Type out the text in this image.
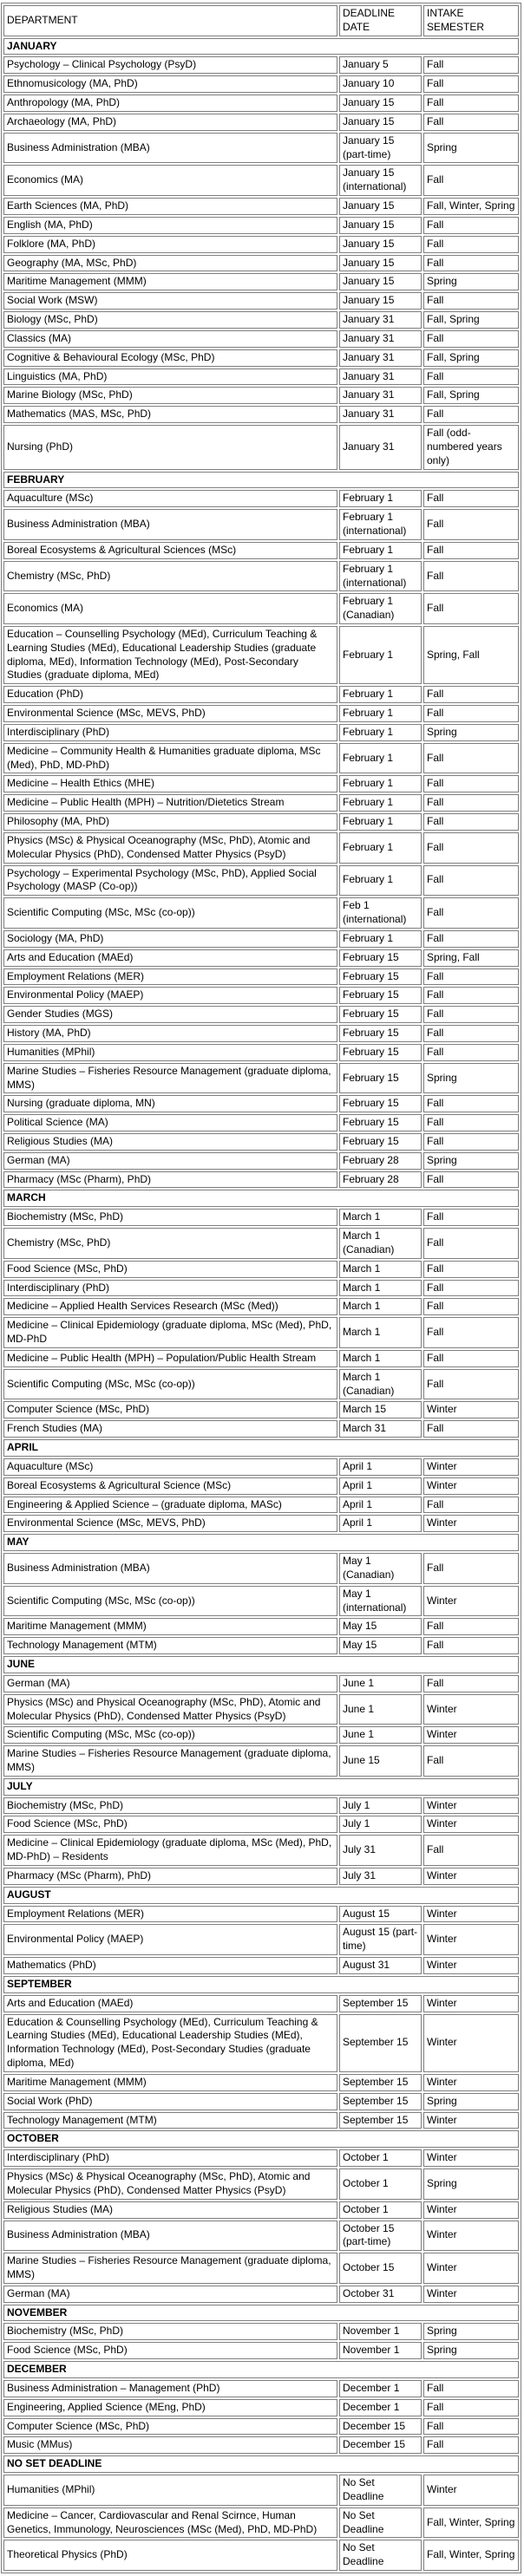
DEPARTMENT	DEADLINE DATE	INTAKE SEMESTER
JANUARY		
Psychology – Clinical Psychology (PsyD)	January 5	Fall
Ethnomusicology (MA, PhD)	January 10	Fall
Anthropology (MA, PhD)	January 15	Fall
Archaeology (MA, PhD)	January 15	Fall
Business Administration (MBA)	January 15 (part-time)	Spring
Economics (MA)	January 15 (international)	Fall
Earth Sciences (MA, PhD)	January 15	Fall, Winter, Spring
English (MA, PhD)	January 15	Fall
Folklore (MA, PhD)	January 15	Fall
Geography (MA, MSc, PhD)	January 15	Fall
Maritime Management (MMM)	January 15	Spring
Social Work (MSW)	January 15	Fall
Biology (MSc, PhD)	January 31	Fall, Spring
Classics (MA)	January 31	Fall
Cognitive & Behavioural Ecology (MSc, PhD)	January 31	Fall, Spring
Linguistics (MA, PhD)	January 31	Fall
Marine Biology (MSc, PhD)	January 31	Fall, Spring
Mathematics (MAS, MSc, PhD)	January 31	Fall
Nursing (PhD)	January 31	Fall (odd-numbered years only)
FEBRUARY		
Aquaculture (MSc)	February 1	Fall
Business Administration (MBA)	February 1 (international)	Fall
Boreal Ecosystems & Agricultural Sciences (MSc)	February 1	Fall
Chemistry (MSc, PhD)	February 1 (international)	Fall
Economics (MA)	February 1 (Canadian)	Fall
Education – Counselling Psychology (MEd), Curriculum Teaching & Learning Studies (MEd), Educational Leadership Studies (graduate diploma, MEd), Information Technology (MEd), Post-Secondary Studies (graduate diploma, MEd)	February 1	Spring, Fall
Education (PhD)	February 1	Fall
Environmental Science (MSc, MEVS, PhD)	February 1	Fall
Interdisciplinary (PhD)	February 1	Spring
Medicine – Community Health & Humanities graduate diploma, MSc (Med), PhD, MD-PhD)	February 1	Fall
Medicine – Health Ethics (MHE)	February 1	Fall
Medicine – Public Health (MPH) – Nutrition/Dietetics Stream	February 1	Fall
Philosophy (MA, PhD)	February 1	Fall
Physics (MSc) & Physical Oceanography (MSc, PhD), Atomic and Molecular Physics (PhD), Condensed Matter Physics (PsyD)	February 1	Fall
Psychology – Experimental Psychology (MSc, PhD), Applied Social Psychology (MASP (Co-op))	February 1	Fall
Scientific Computing (MSc, MSc (co-op))	Feb 1 (international)	Fall
Sociology (MA, PhD)	February 1	Fall
Arts and Education (MAEd)	February 15	Spring, Fall
Employment Relations (MER)	February 15	Fall
Environmental Policy (MAEP)	February 15	Fall
Gender Studies (MGS)	February 15	Fall
History (MA, PhD)	February 15	Fall
Humanities (MPhil)	February 15	Fall
Marine Studies – Fisheries Resource Management (graduate diploma, MMS)	February 15	Spring
Nursing (graduate diploma, MN)	February 15	Fall
Political Science (MA)	February 15	Fall
Religious Studies (MA)	February 15	Fall
German (MA)	February 28	Spring
Pharmacy (MSc (Pharm), PhD)	February 28	Fall
MARCH		
Biochemistry (MSc, PhD)	March 1	Fall
Chemistry (MSc, PhD)	March 1 (Canadian)	Fall
Food Science (MSc, PhD)	March 1	Fall
Interdisciplinary (PhD)	March 1	Fall
Medicine – Applied Health Services Research (MSc (Med))	March 1	Fall
Medicine – Clinical Epidemiology (graduate diploma, MSc (Med), PhD, MD-PhD	March 1	Fall
Medicine – Public Health (MPH) – Population/Public Health Stream	March 1	Fall
Scientific Computing (MSc, MSc (co-op))	March 1 (Canadian)	Fall
Computer Science (MSc, PhD)	March 15	Winter
French Studies (MA)	March 31	Fall
APRIL		
Aquaculture (MSc)	April 1	Winter
Boreal Ecosystems & Agricultural Science (MSc)	April 1	Winter
Engineering & Applied Science – (graduate diploma, MASc)	April 1	Fall
Environmental Science (MSc, MEVS, PhD)	April 1	Winter
MAY		
Business Administration (MBA)	May 1 (Canadian)	Fall
Scientific Computing (MSc, MSc (co-op))	May 1 (international)	Winter
Maritime Management (MMM)	May 15	Fall
Technology Management (MTM)	May 15	Fall
JUNE		
German (MA)	June 1	Fall
Physics (MSc) and Physical Oceanography (MSc, PhD), Atomic and Molecular Physics (PhD), Condensed Matter Physics (PsyD)	June 1	Winter
Scientific Computing (MSc, MSc (co-op))	June 1	Winter
Marine Studies – Fisheries Resource Management (graduate diploma, MMS)	June 15	Fall
JULY		
Biochemistry (MSc, PhD)	July 1	Winter
Food Science (MSc, PhD)	July 1	Winter
Medicine – Clinical Epidemiology (graduate diploma, MSc (Med), PhD, MD-PhD) – Residents	July 31	Fall
Pharmacy (MSc (Pharm), PhD)	July 31	Winter
AUGUST		
Employment Relations (MER)	August 15	Winter
Environmental Policy (MAEP)	August 15 (part-time)	Winter
Mathematics (PhD)	August 31	Winter
SEPTEMBER		
Arts and Education (MAEd)	September 15	Winter
Education & Counselling Psychology (MEd), Curriculum Teaching & Learning Studies (MEd), Educational Leadership Studies (MEd), Information Technology (MEd), Post-Secondary Studies (graduate diploma, MEd)	September 15	Winter
Maritime Management (MMM)	September 15	Winter
Social Work (PhD)	September 15	Spring
Technology Management (MTM)	September 15	Winter
OCTOBER		
Interdisciplinary (PhD)	October 1	Winter
Physics (MSc) & Physical Oceanography (MSc, PhD), Atomic and Molecular Physics (PhD), Condensed Matter Physics (PsyD)	October 1	Spring
Religious Studies (MA)	October 1	Winter
Business Administration (MBA)	October 15 (part-time)	Winter
Marine Studies – Fisheries Resource Management (graduate diploma, MMS)	October 15	Winter
German (MA)	October 31	Winter
NOVEMBER		
Biochemistry (MSc, PhD)	November 1	Spring
Food Science (MSc, PhD)	November 1	Spring
DECEMBER		
Business Administration – Management (PhD)	December 1	Fall
Engineering, Applied Science (MEng, PhD)	December 1	Fall
Computer Science (MSc, PhD)	December 15	Fall
Music (MMus)	December 15	Fall
NO SET DEADLINE		
Humanities (MPhil)	No Set Deadline	Winter
Medicine – Cancer, Cardiovascular and Renal Scirnce, Human Genetics, Immunology, Neurosciences (MSc (Med), PhD, MD-PhD)	No Set Deadline	Fall, Winter, Spring
Theoretical Physics (PhD)	No Set Deadline	Fall, Winter, Spring
